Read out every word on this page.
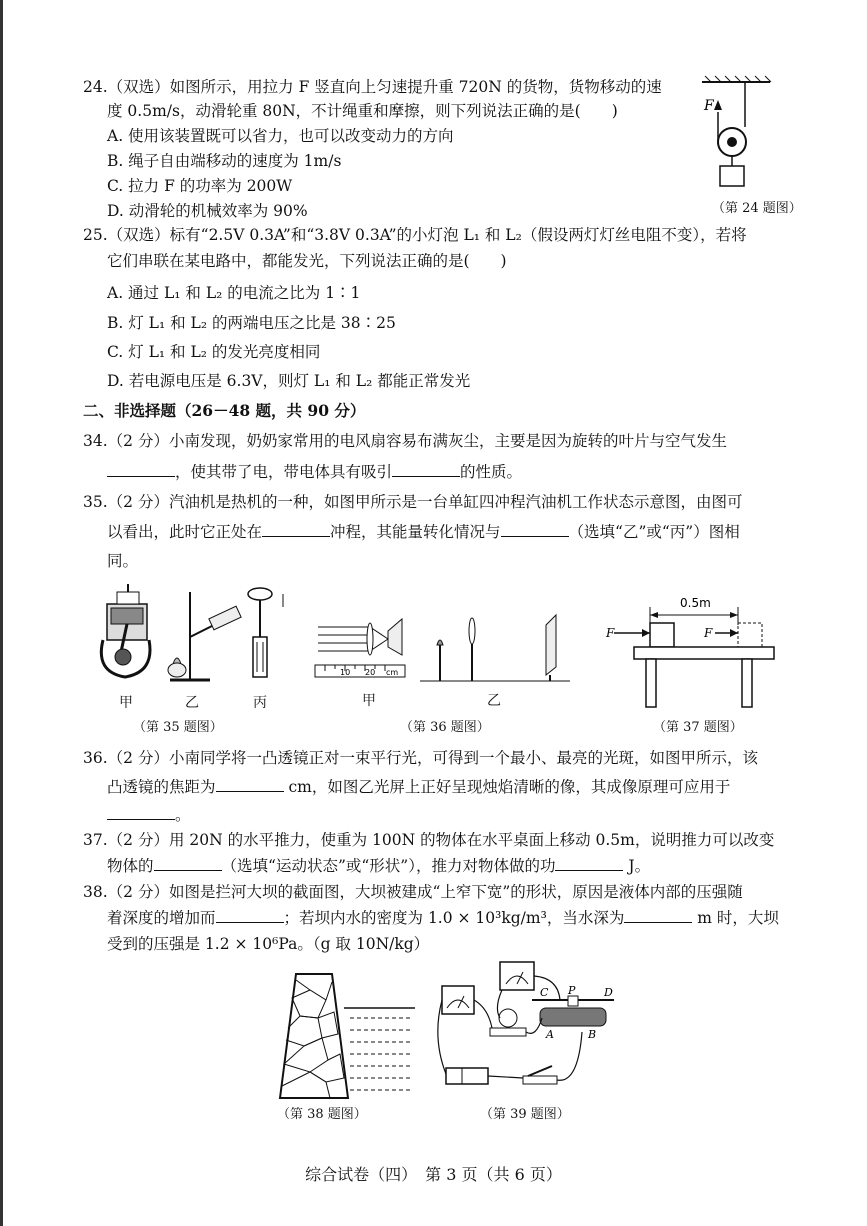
24.（双选）如图所示，用拉力 F 竖直向上匀速提升重 720N 的货物，货物移动的速
度 0.5m/s，动滑轮重 80N，不计绳重和摩擦，则下列说法正确的是(　　)
A. 使用该装置既可以省力，也可以改变动力的方向
B. 绳子自由端移动的速度为 1m/s
C. 拉力 F 的功率为 200W
D. 动滑轮的机械效率为 90%
F
（第 24 题图）
25.（双选）标有“2.5V 0.3A”和“3.8V 0.3A”的小灯泡 L₁ 和 L₂（假设两灯灯丝电阻不变），若将
它们串联在某电路中，都能发光，下列说法正确的是(　　)
A. 通过 L₁ 和 L₂ 的电流之比为 1∶1
B. 灯 L₁ 和 L₂ 的两端电压之比是 38∶25
C. 灯 L₁ 和 L₂ 的发光亮度相同
D. 若电源电压是 6.3V，则灯 L₁ 和 L₂ 都能正常发光
二、非选择题（26－48 题，共 90 分）
34.（2 分）小南发现，奶奶家常用的电风扇容易布满灰尘，主要是因为旋转的叶片与空气发生
，使其带了电，带电体具有吸引	的性质。
35.（2 分）汽油机是热机的一种，如图甲所示是一台单缸四冲程汽油机工作状态示意图，由图可
以看出，此时它正处在	冲程，其能量转化情况与	（选填“乙”或“丙”）图相
同。
甲	乙	丙
（第 35 题图）
10 20 cm
甲	乙
（第 36 题图）
0.5m
F	F
（第 37 题图）
36.（2 分）小南同学将一凸透镜正对一束平行光，可得到一个最小、最亮的光斑，如图甲所示，该
凸透镜的焦距为	cm，如图乙光屏上正好呈现烛焰清晰的像，其成像原理可应用于
。
37.（2 分）用 20N 的水平推力，使重为 100N 的物体在水平桌面上移动 0.5m，说明推力可以改变
物体的	（选填“运动状态”或“形状”），推力对物体做的功	J。
38.（2 分）如图是拦河大坝的截面图，大坝被建成“上窄下宽”的形状，原因是液体内部的压强随
着深度的增加而	；若坝内水的密度为 1.0 × 10³kg/m³，当水深为	m 时，大坝
受到的压强是 1.2 × 10⁶Pa。（g 取 10N/kg）
（第 38 题图）
C P	D
A	B
（第 39 题图）
综合试卷（四）　第 3 页（共 6 页）
